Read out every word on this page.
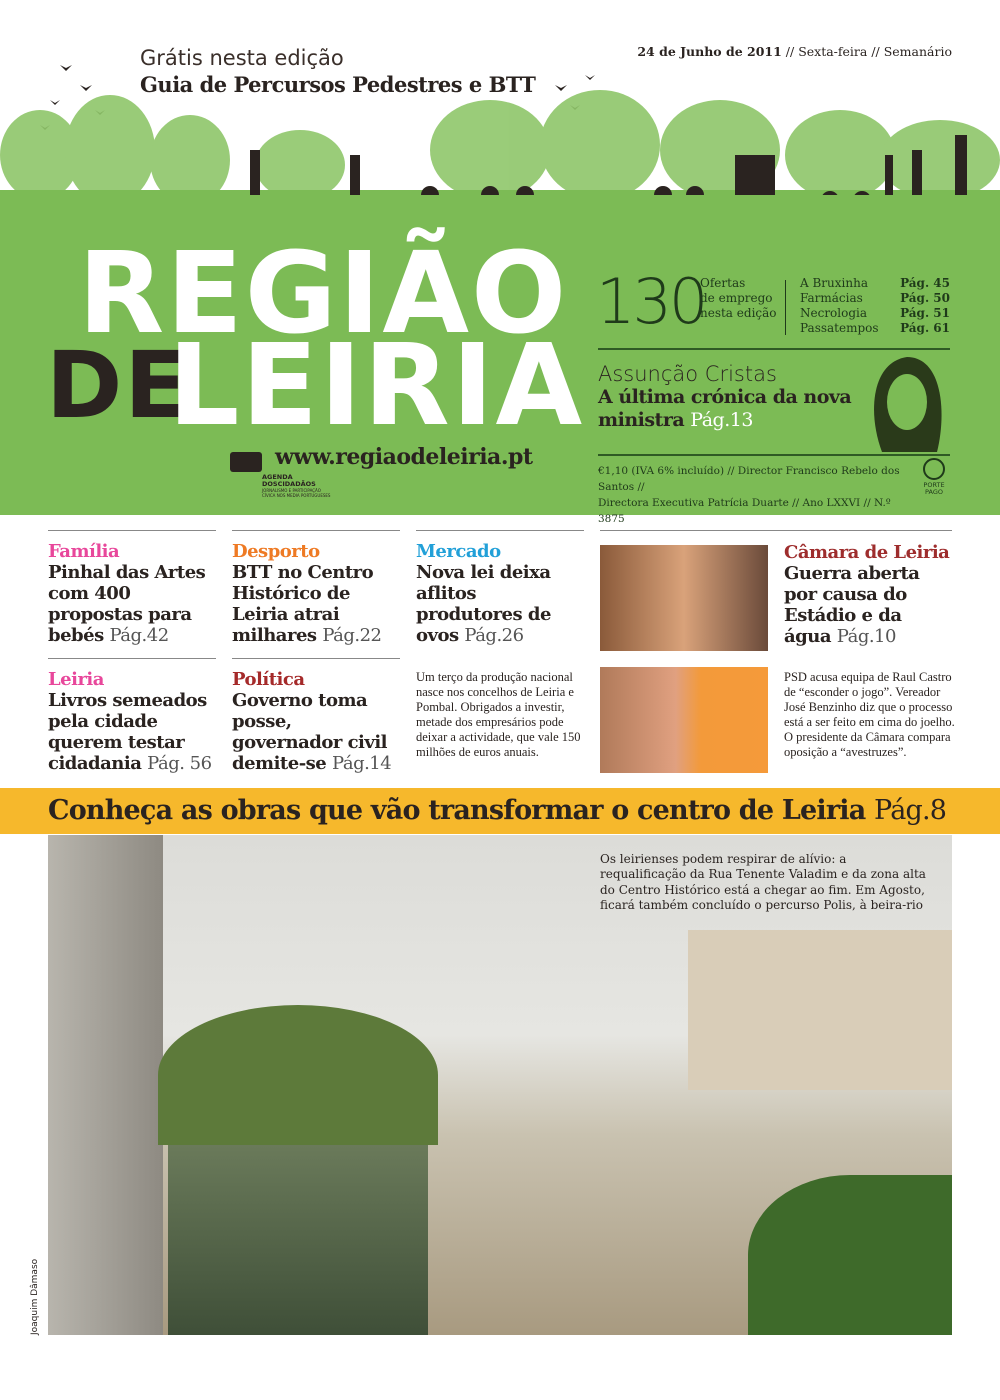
Grátis nesta edição
Guia de Percursos Pedestres e BTT
24 de Junho de 2011 // Sexta-feira // Semanário
REGIÃO
DE
LEIRIA
www.regiaodeleiria.pt
AGENDA
DOSCIDADÃOS
JORNALISMO E PARTICIPAÇÃO CÍVICA NOS MEDIA PORTUGUESES
130
Ofertas
de emprego
nesta edição
A Bruxinha	Pág. 45
Farmácias	Pág. 50
Necrologia	Pág. 51
Passatempos Pág. 61
Assunção Cristas
A última crónica da nova ministra Pág.13
€1,10 (IVA 6% incluído) // Director Francisco Rebelo dos Santos //
Directora Executiva Patrícia Duarte // Ano LXXVI // N.º 3875
PORTE
PAGO
Família
Pinhal das Artes com 400 propostas para bebés Pág.42
Desporto
BTT no Centro Histórico de Leiria atrai milhares Pág.22
Mercado
Nova lei deixa aflitos produtores de ovos Pág.26
Um terço da produção nacional nasce nos concelhos de Leiria e Pombal. Obrigados a investir, metade dos empresários pode deixar a actividade, que vale 150 milhões de euros anuais.
Leiria
Livros semeados pela cidade querem testar cidadania Pág. 56
Política
Governo toma posse, governador civil demite-se Pág.14
Câmara de Leiria
Guerra aberta por causa do Estádio e da água Pág.10
PSD acusa equipa de Raul Castro de “esconder o jogo”. Vereador José Benzinho diz que o processo está a ser feito em cima do joelho. O presidente da Câmara compara oposição a “avestruzes”.
Conheça as obras que vão transformar o centro de Leiria Pág.8
Os leirienses podem respirar de alívio: a requalificação da Rua Tenente Valadim e da zona alta do Centro Histórico está a chegar ao fim. Em Agosto, ficará também concluído o percurso Polis, à beira-rio
Joaquim Dâmaso
